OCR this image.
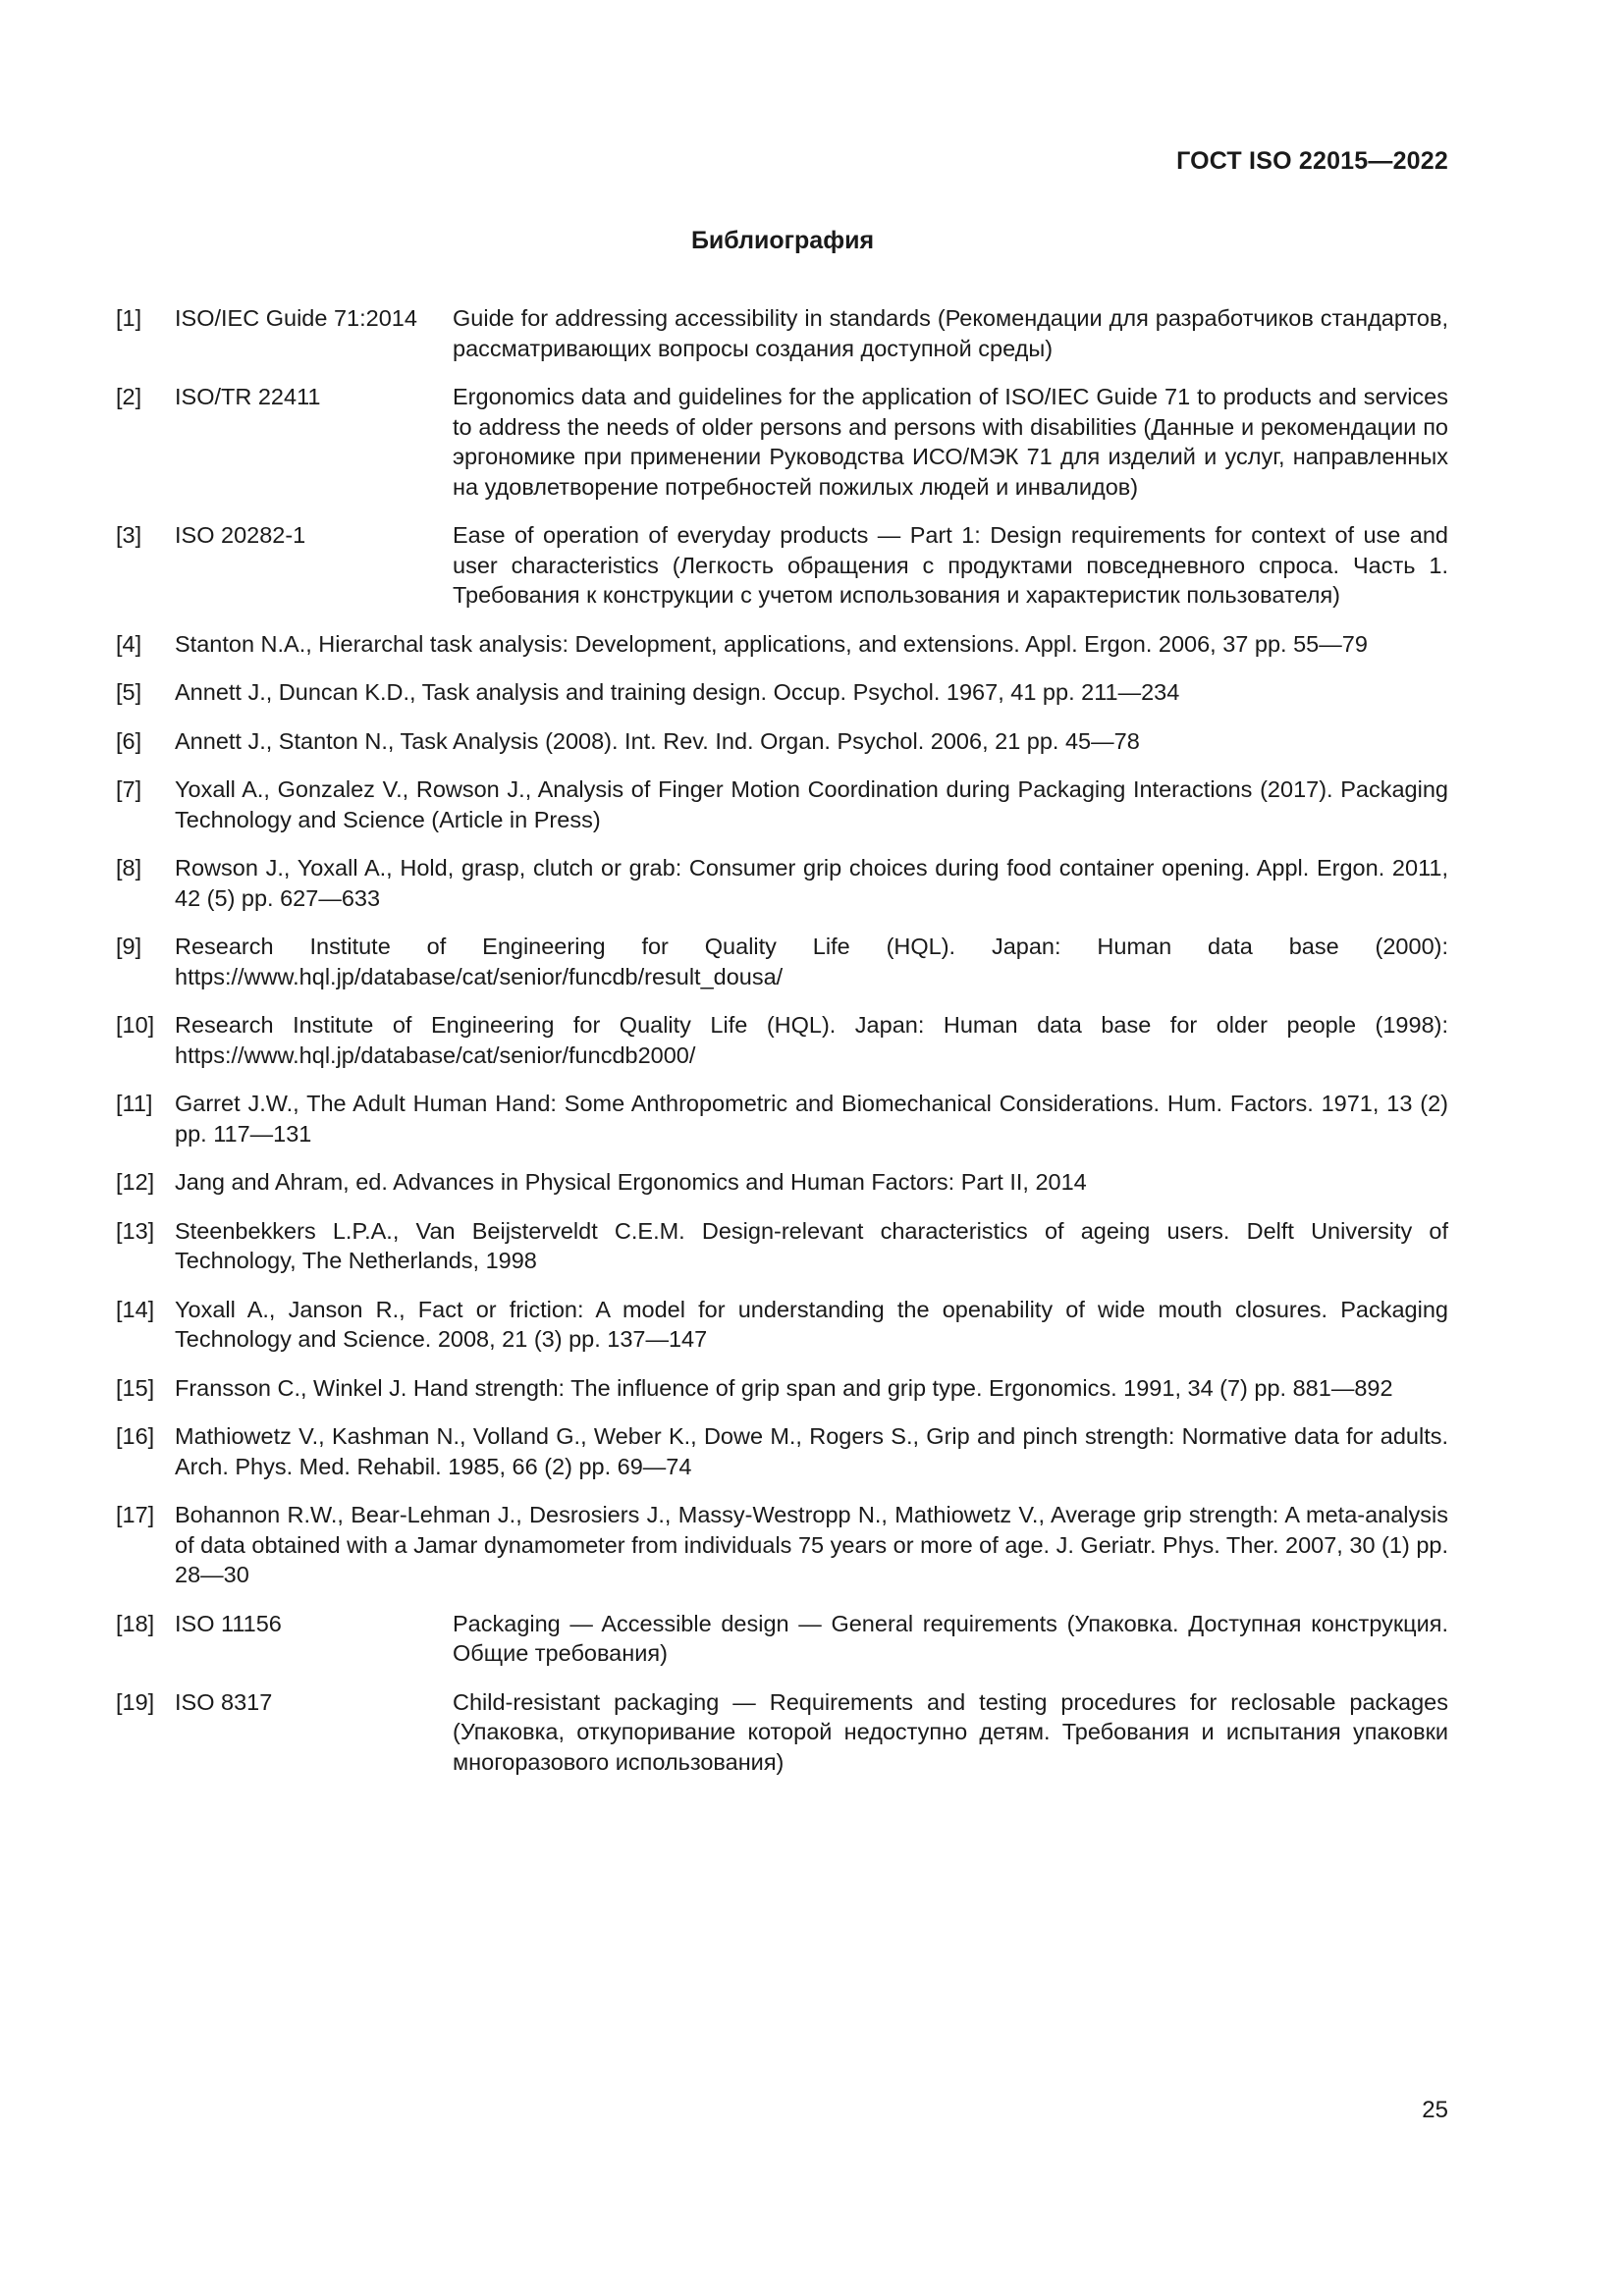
ГОСТ ISO 22015—2022
Библиография
[1]	ISO/IEC Guide 71:2014	Guide for addressing accessibility in standards (Рекомендации для разработчиков стандартов, рассматривающих вопросы создания доступной среды)
[2]	ISO/TR 22411	Ergonomics data and guidelines for the application of ISO/IEC Guide 71 to products and services to address the needs of older persons and persons with disabilities (Данные и рекомендации по эргономике при применении Руководства ИСО/МЭК 71 для изделий и услуг, направленных на удовлетворение потребностей пожилых людей и инвалидов)
[3]	ISO 20282-1	Ease of operation of everyday products — Part 1: Design requirements for context of use and user characteristics (Легкость обращения с продуктами повседневного спроса. Часть 1. Требования к конструкции с учетом использования и характеристик пользователя)
[4]	Stanton N.A., Hierarchal task analysis: Development, applications, and extensions. Appl. Ergon. 2006, 37 pp. 55—79
[5]	Annett J., Duncan K.D., Task analysis and training design. Occup. Psychol. 1967, 41 pp. 211—234
[6]	Annett J., Stanton N., Task Analysis (2008). Int. Rev. Ind. Organ. Psychol. 2006, 21 pp. 45—78
[7]	Yoxall A., Gonzalez V., Rowson J., Analysis of Finger Motion Coordination during Packaging Interactions (2017). Packaging Technology and Science (Article in Press)
[8]	Rowson J., Yoxall A., Hold, grasp, clutch or grab: Consumer grip choices during food container opening. Appl. Ergon. 2011, 42 (5) pp. 627—633
[9]	Research Institute of Engineering for Quality Life (HQL). Japan: Human data base (2000): https://www.hql.jp/database/cat/senior/funcdb/result_dousa/
[10] Research Institute of Engineering for Quality Life (HQL). Japan: Human data base for older people (1998): https://www.hql.jp/database/cat/senior/funcdb2000/
[11] Garret J.W., The Adult Human Hand: Some Anthropometric and Biomechanical Considerations. Hum. Factors. 1971, 13 (2) pp. 117—131
[12] Jang and Ahram, ed. Advances in Physical Ergonomics and Human Factors: Part II, 2014
[13] Steenbekkers L.P.A., Van Beijsterveldt C.E.M. Design-relevant characteristics of ageing users. Delft University of Technology, The Netherlands, 1998
[14] Yoxall A., Janson R., Fact or friction: A model for understanding the openability of wide mouth closures. Packaging Technology and Science. 2008, 21 (3) pp. 137—147
[15] Fransson C., Winkel J. Hand strength: The influence of grip span and grip type. Ergonomics. 1991, 34 (7) pp. 881—892
[16] Mathiowetz V., Kashman N., Volland G., Weber K., Dowe M., Rogers S., Grip and pinch strength: Normative data for adults. Arch. Phys. Med. Rehabil. 1985, 66 (2) pp. 69—74
[17] Bohannon R.W., Bear-Lehman J., Desrosiers J., Massy-Westropp N., Mathiowetz V., Average grip strength: A meta-analysis of data obtained with a Jamar dynamometer from individuals 75 years or more of age. J. Geriatr. Phys. Ther. 2007, 30 (1) pp. 28—30
[18] ISO 11156	Packaging — Accessible design — General requirements (Упаковка. Доступная конструкция. Общие требования)
[19] ISO 8317	Child-resistant packaging — Requirements and testing procedures for reclosable packages (Упаковка, откупоривание которой недоступно детям. Требования и испытания упаковки многоразового использования)
25
